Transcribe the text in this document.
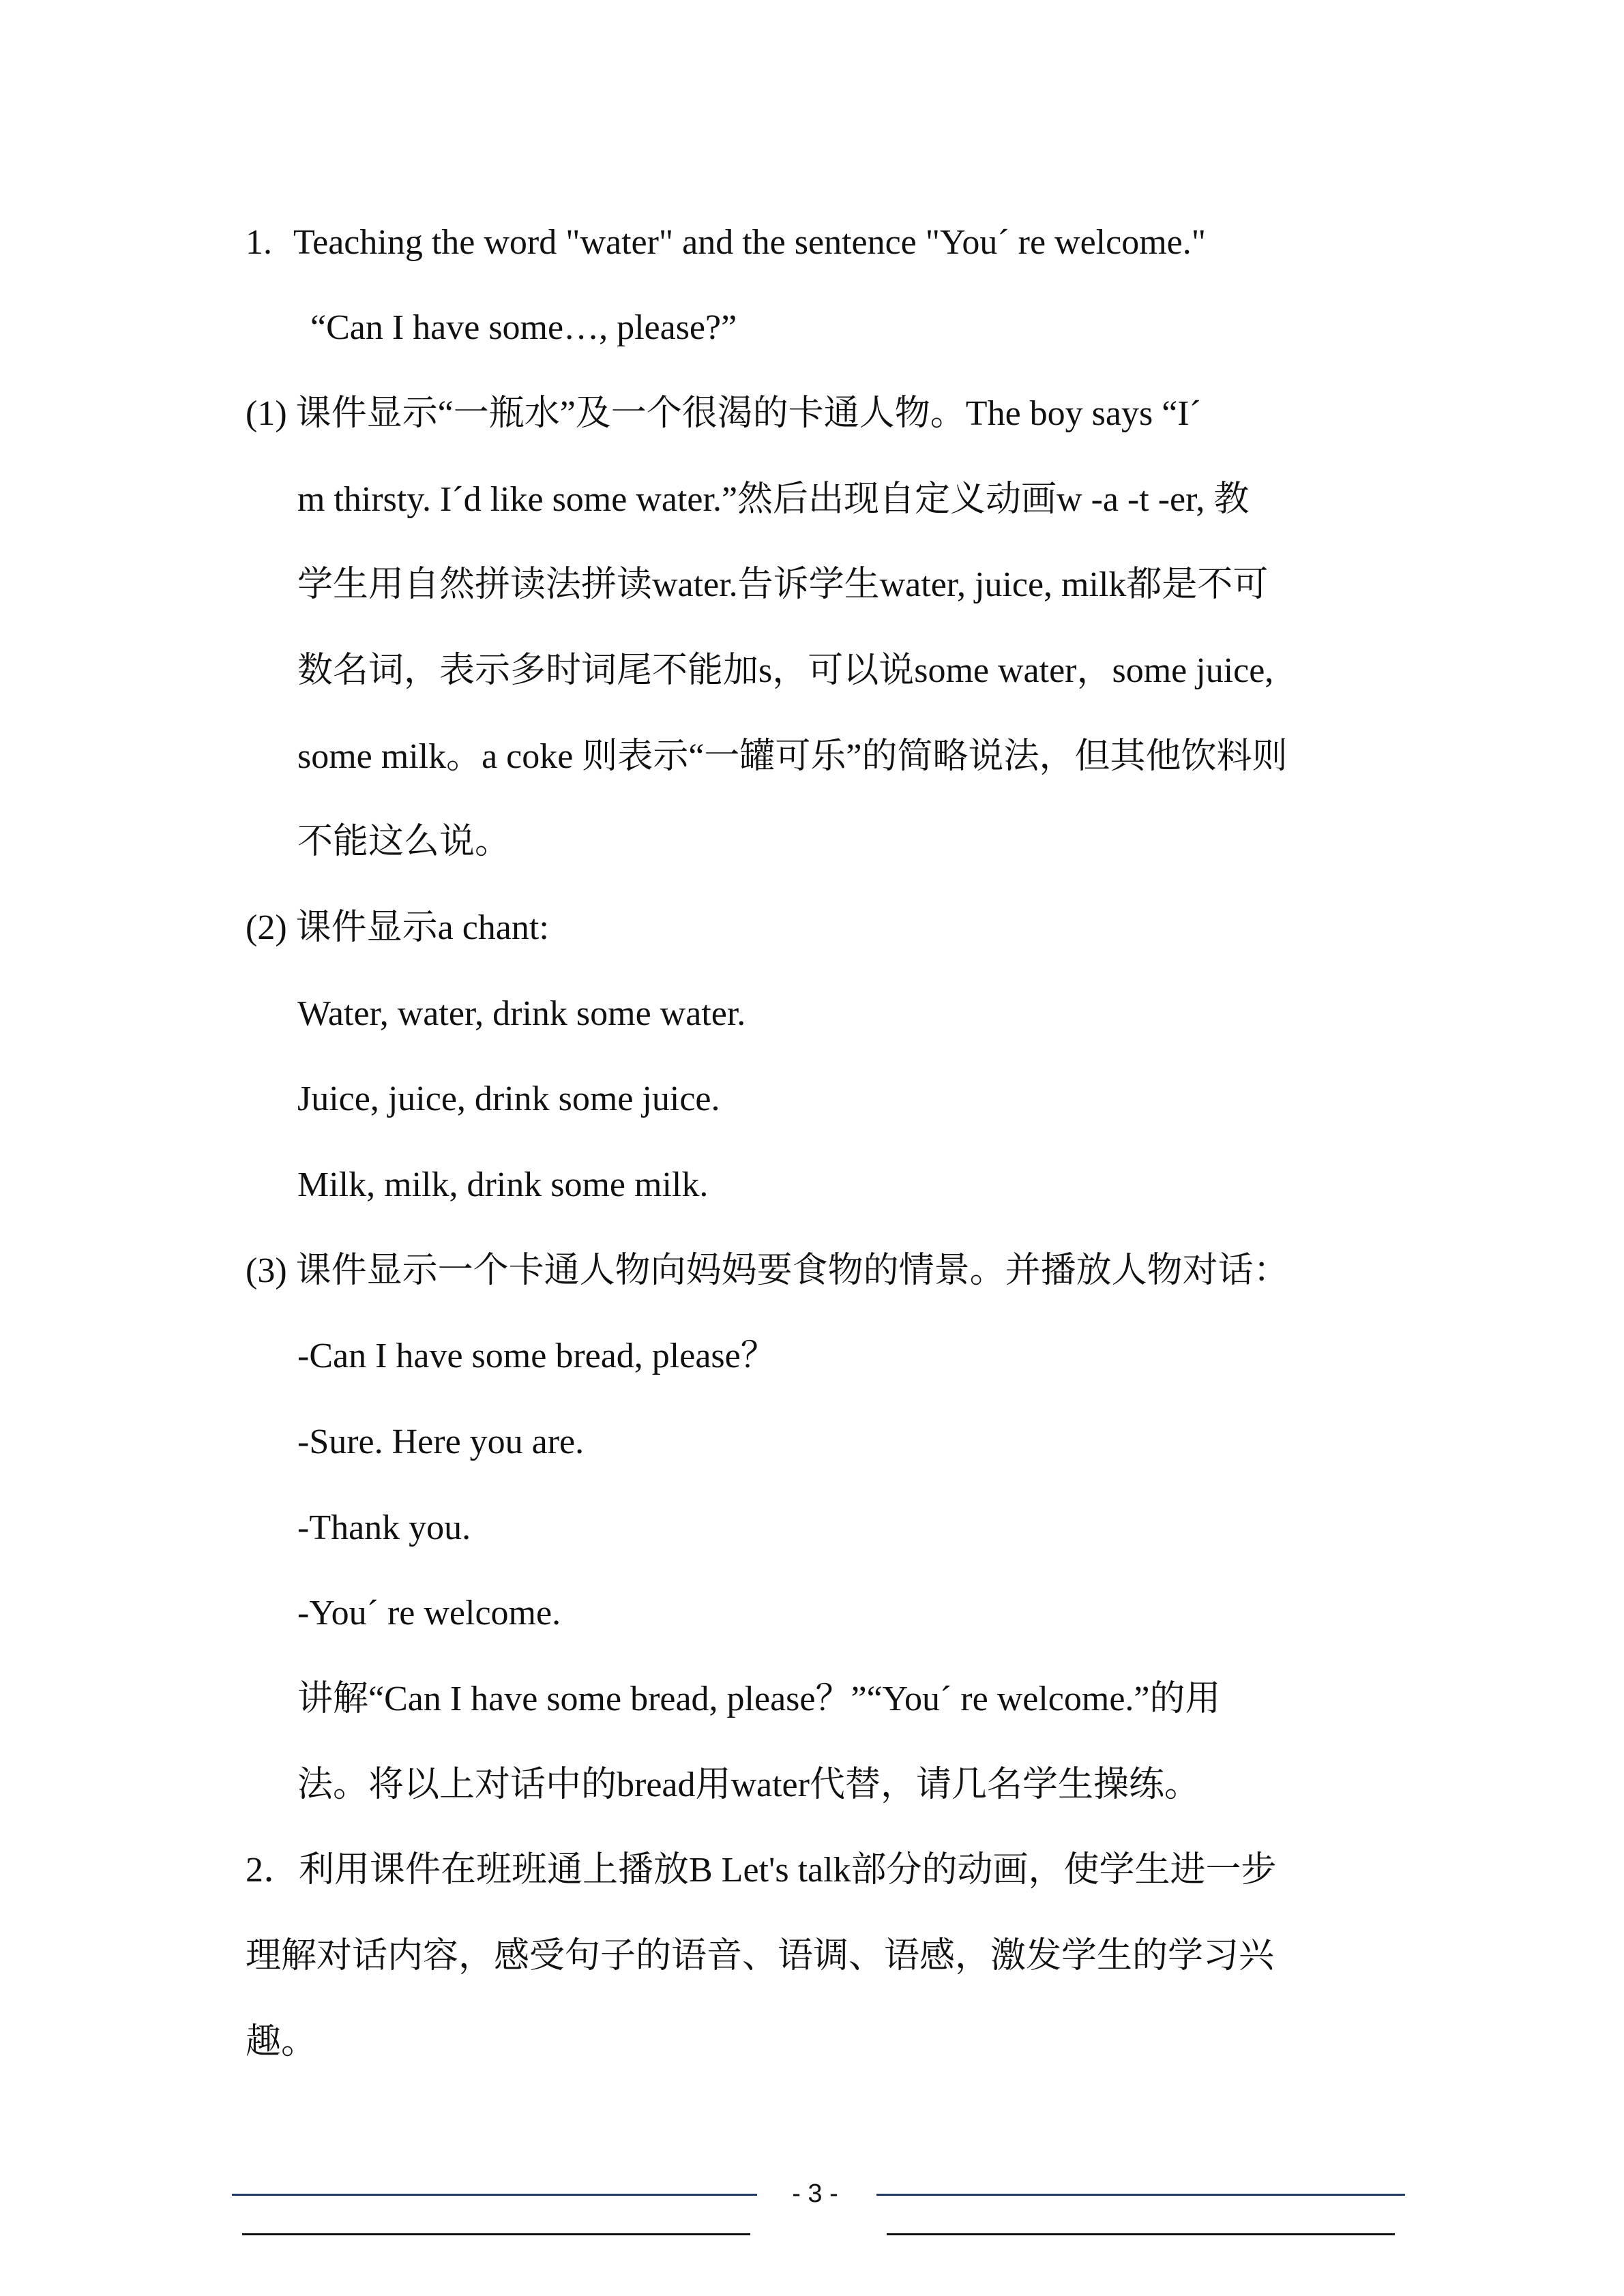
1. Teaching the word "water" and the sentence "You´ re welcome."
“Can I have some…, please?”
(1) 课件显示“一瓶水”及一个很渴的卡通人物。The boy says “I´
m thirsty. I´d like some water.”然后出现自定义动画w -a -t -er, 教
学生用自然拼读法拼读water.告诉学生water, juice, milk都是不可
数名词，表示多时词尾不能加s，可以说some water，some juice,
some milk。a coke 则表示“一罐可乐”的简略说法，但其他饮料则
不能这么说。
(2) 课件显示a chant:
Water, water, drink some water.
Juice, juice, drink some juice.
Milk, milk, drink some milk.
(3) 课件显示一个卡通人物向妈妈要食物的情景。并播放人物对话：
-Can I have some bread, please？
-Sure. Here you are.
-Thank you.
-You´ re welcome.
讲解“Can I have some bread, please？”“You´ re welcome.”的用
法。将以上对话中的bread用water代替，请几名学生操练。
2．利用课件在班班通上播放B Let's talk部分的动画，使学生进一步
理解对话内容，感受句子的语音、语调、语感，激发学生的学习兴
趣。
- 3 -
